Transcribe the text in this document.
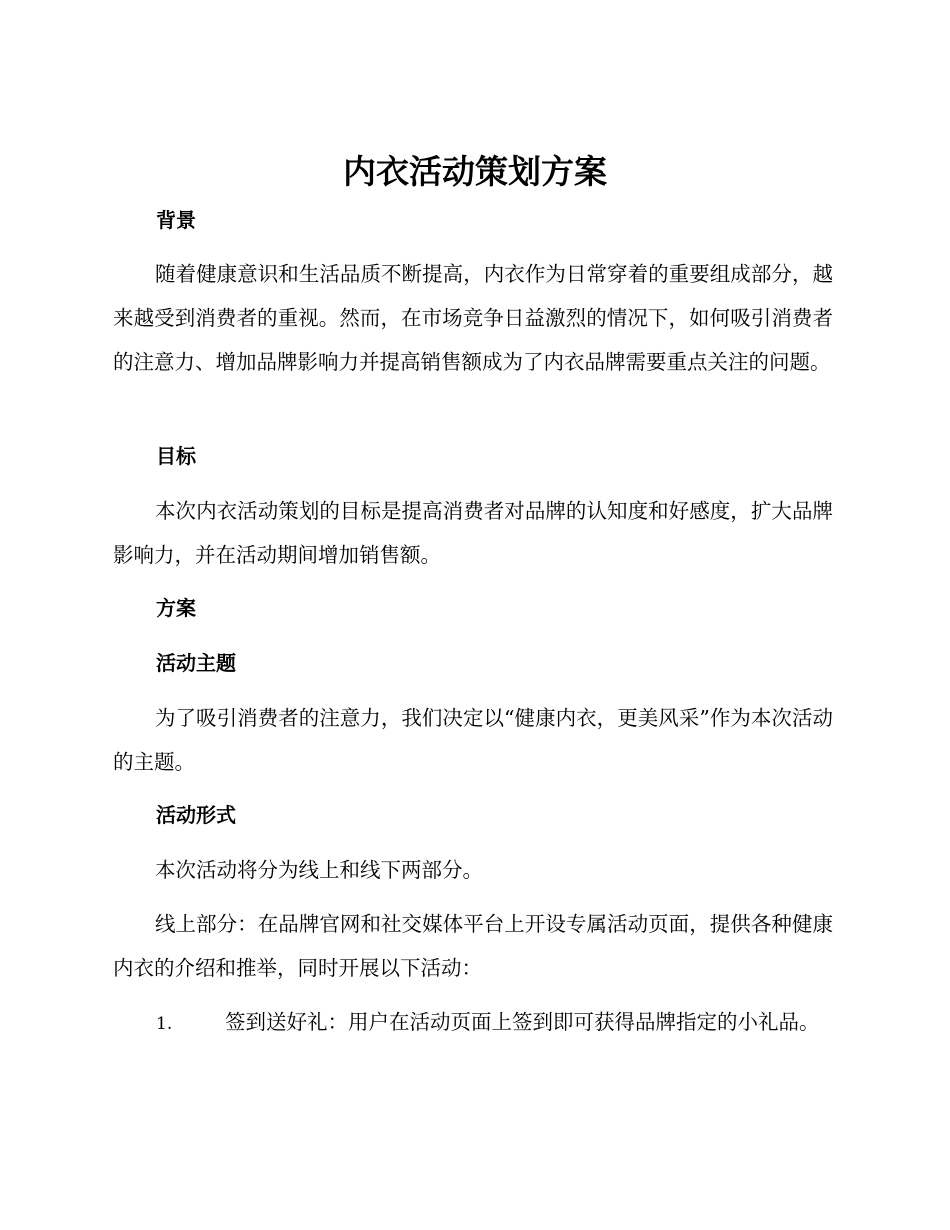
内衣活动策划方案
背景

随着健康意识和生活品质不断提高，内衣作为日常穿着的重要组成部分，越来越受到消费者的重视。然而，在市场竞争日益激烈的情况下，如何吸引消费者的注意力、增加品牌影响力并提高销售额成为了内衣品牌需要重点关注的问题。

目标

本次内衣活动策划的目标是提高消费者对品牌的认知度和好感度，扩大品牌影响力，并在活动期间增加销售额。

方案
活动主题

为了吸引消费者的注意力，我们决定以“健康内衣，更美风采”作为本次活动的主题。

活动形式

本次活动将分为线上和线下两部分。

线上部分：在品牌官网和社交媒体平台上开设专属活动页面，提供各种健康内衣的介绍和推举，同时开展以下活动：

1.	签到送好礼：用户在活动页面上签到即可获得品牌指定的小礼品。
